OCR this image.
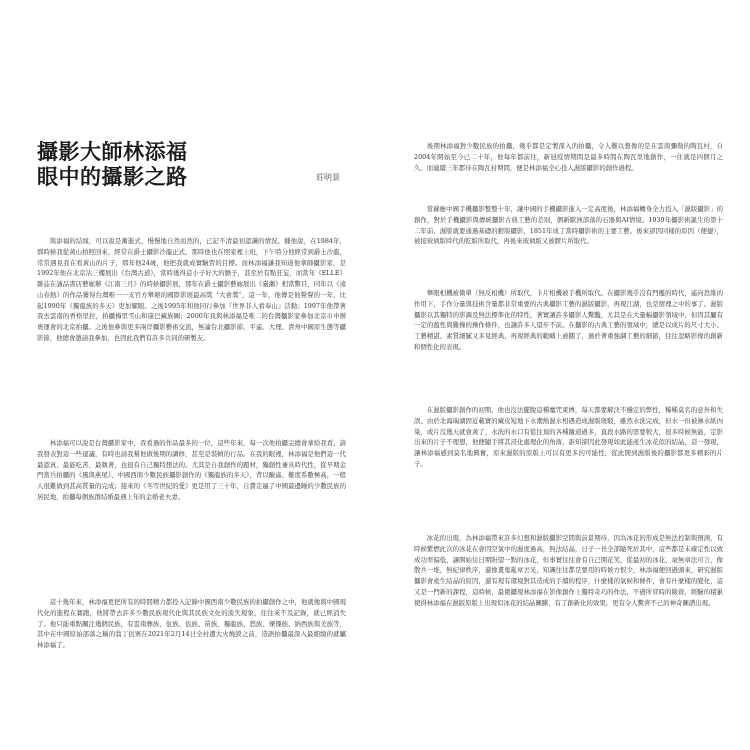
攝影大師林添福
眼中的攝影之路	莊明景

與添福的結緣，可以說是漸進式，慢慢地自然而然的，已記不清最初認識的情況。據他說，在1984年，那時候我從黃山拍照回來，經常在爵士攝影沙龍正式，那時他也在照家裡上班，下午時分他經常到爵士沙龍，常常遇見我在看黃山的片子，那年他24歲，他把我就成實驗習的目標。而林添福謙我知道他拿師攝影家，是1992年他在北京沾三樓展出《台灣古道》，當時幾得這小子好大的膽子，甚至於有點狂妄，而當年《ELLE》雜誌在誠品書店藝廊辦《江南三月》的時候攝影展，那年在爵士攝影藝廊展出《臺瀨》相當驚目，同年以《遠山春熱》的作品獲得台灣唯一一支官方舉辦的國際影展最高獎〝大會獎〞，這一年，他傳是他聲聲的一年，比起1990年《獨龍族的多天》更加耀眼。之後1995年和他同行參加『世界非人看奉山』活動；1997年他帶著我去雲南的香格里拉，拍攝梅里雪山和康巴藏族圖；2000年我與林添福是唯二的台灣攝影家參加北京市申辦奧運會的北京拍攝。之後他參與更多兩岸攝影藝術交流，無論台北攝影節、平遙、大理、貴州中國原生態等攝影節，他總會邀請我參加，也因此我們有許多共同的研製友。

林添福可以說是台灣攝影家中，我看過的作品最多的一位，這些年來，每一次他拍攝完總會拿給我看，請我發表對這一些建議，有時也請我幫他做後期的調修，甚至是裝幀的行品。在我的眼裡，林添福是他們這一代最認真、最能吃苦、最執著，也很有自己獨特想法的。尤其是自我創作的題材，獨創性兼具時代性，從早期金門當兵拍攝的《風與燕尾》、中國西南少數民族攝影創作的《獨龍族的多天》，背以驗遙、難度系數極高，一般人很難做到甚高質量的完成；接來的《冬雪世紀的愛》更是用了三十年，自費走遍了中國最邊睡的少數民族的居民地，拍攝每個族群結婚最遇上年的金婚老夫妻。

這十幾年來，林添福更把所有的時間精力都投入記錄中國西南少數民族的拍攝創作之中，他就像與中國現代化的進程在賽跑，他將帶去許多少數民族現代化與其民族文化的流失現象，往往來不及記錄，就已經消失了。他只能重點關注幾個民族，有雲南彝族、佤族、佤族、苗族、獨龍族、怒族、傈僳族、納西族與羌族等，其中在中國原始部落之稱的翁丁佤寨在2021年2月14日全村遭大火燒毀之前，造語拍攝最深入最細緻的就屬林添福了。

後期林添福對少數民族的拍攝，幾乎都是定製深入的拍攝，令人難以想像的是在雲南彌勒的陶瓦村，自2004年開始至今已二十年，他每年都前往，新冠疫情期間是最多時間在陶瓦里地創作，一住就是四個月之久。而連續三年都待在陶瓦村期間，便是林添福全心投入濕版攝影的創作過程。

當蘇應中國手機攝影整整十年，讓中國的手機攝影進入一定高度後，林添福轉身全力投入「濕版攝影」的創作，對於手機攝影與傳統攝影古典工藝的差別，個新歐洲部落的石器與AI情境。1939年攝影術誕生的第十二年前，濕版就要通過基礎的銀版攝影，1851年成了當時攝影術的主要工藝。後來卻因同樣的原因（便捷），被接玻璃版時代的乾版所取代，再後來玻璃版又被膠片所取代。

舉眼相機被微單（無反相機）所取代，卡片相機被手機所取代。在攝影幾乎沒有門檻的時代，遙向思維的作用下，手作分量與技術含量都非常重要的古典攝影工藝的濕版攝影，再現江湖，也是情理之中的事了。濕版攝影以其獨特的影調及無法標準化的特性，著實讓許多攝影人驚豔，尤其是在大量幅攝影領域中，但因其屬有一定的盈性與難操的操作條件，也讓許多人望步不前。在攝影的古典工藝的領域中，總是以成片的尺寸大小。工藝精湛、素質細膩又多見經典、再現經典的範疇上被擱了，過於著重強調工藝的細節，往往忽略影像的創新和個性化的表現。

在濕版攝影創作的初期，他也沒法擺脫這種魔咒束縛，每天都要解決不穩定的弊性，稀稀莫名的意外和失誤。由於北海瑞湖固近載實的藏皮短地下水潮熱濕水相遇造成濕版斑駁，雖然水洗完成，但水一但被淋水紙內染，或片沒幾天就會黃了，水洗的水口有從往頂的各種繳道過多，直段水路的需要較大，很多時候無能，定影出來的片子不理想，他便隨手將其浸化處理化的角落，誰知卻因此發現如此能產生冰花似的結晶，這一發現，讓林添福感到莫名地興奮，原來濕版的原版上可以有更多的可能性，從此開到濕版後的攝影都更多精彩的片子。

冰花的出現，為林添福帶來許多幻想和濕版攝影空間與前景期待，因為冰花的形成是無法控制與預測，有時候紫燃此次的冰花在會因空氣中的濕度過高，無法結晶，日子一長全部隨死於其中，這些都是未確定性以致成功率偏低，讓開始往日期盼望一點的冰花，但事實往往會有自己開花笑，從最初的冰花，毫無章法可言，像散兵一堆，無紀律秩序，還像畫鬼亂章丟光，知識往往都是要用的時候方恨少，林添福便回過頭來，研究濕版攝影會產生結晶的原因，還有現有環境對其造成的手續的程序，什麼樣的氣候和條件，會有什麼樣的變化，這又是一門新的課程，這時候，最微攝現林添福在影像創作上獨特奇巧的作法，不過所冒時的險資，經驗的積累使得林添福在濕版原版上出現似冰花的結晶圖騰，有了創新化的效果，更有令人驚喜不已的神奇圖譜出現。
